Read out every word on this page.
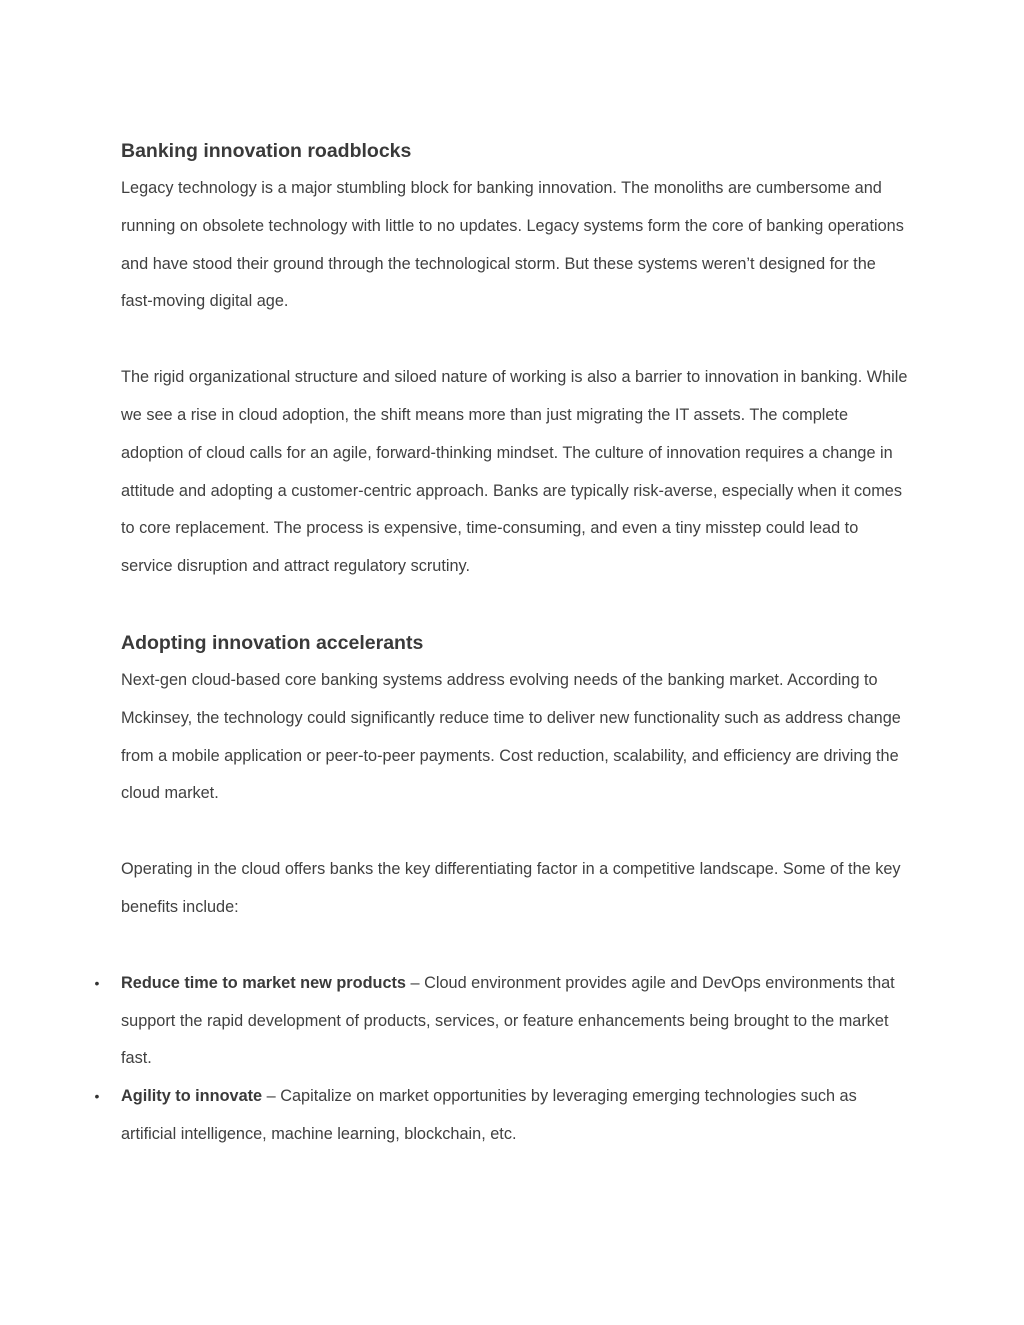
Banking innovation roadblocks

Legacy technology is a major stumbling block for banking innovation. The monoliths are cumbersome and running on obsolete technology with little to no updates. Legacy systems form the core of banking operations and have stood their ground through the technological storm. But these systems weren’t designed for the fast-moving digital age.

The rigid organizational structure and siloed nature of working is also a barrier to innovation in banking. While we see a rise in cloud adoption, the shift means more than just migrating the IT assets. The complete adoption of cloud calls for an agile, forward-thinking mindset. The culture of innovation requires a change in attitude and adopting a customer-centric approach. Banks are typically risk-averse, especially when it comes to core replacement. The process is expensive, time-consuming, and even a tiny misstep could lead to service disruption and attract regulatory scrutiny.

Adopting innovation accelerants

Next-gen cloud-based core banking systems address evolving needs of the banking market. According to Mckinsey, the technology could significantly reduce time to deliver new functionality such as address change from a mobile application or peer-to-peer payments. Cost reduction, scalability, and efficiency are driving the cloud market.

Operating in the cloud offers banks the key differentiating factor in a competitive landscape. Some of the key benefits include:

• Reduce time to market new products – Cloud environment provides agile and DevOps environments that support the rapid development of products, services, or feature enhancements being brought to the market fast.
• Agility to innovate – Capitalize on market opportunities by leveraging emerging technologies such as artificial intelligence, machine learning, blockchain, etc.
